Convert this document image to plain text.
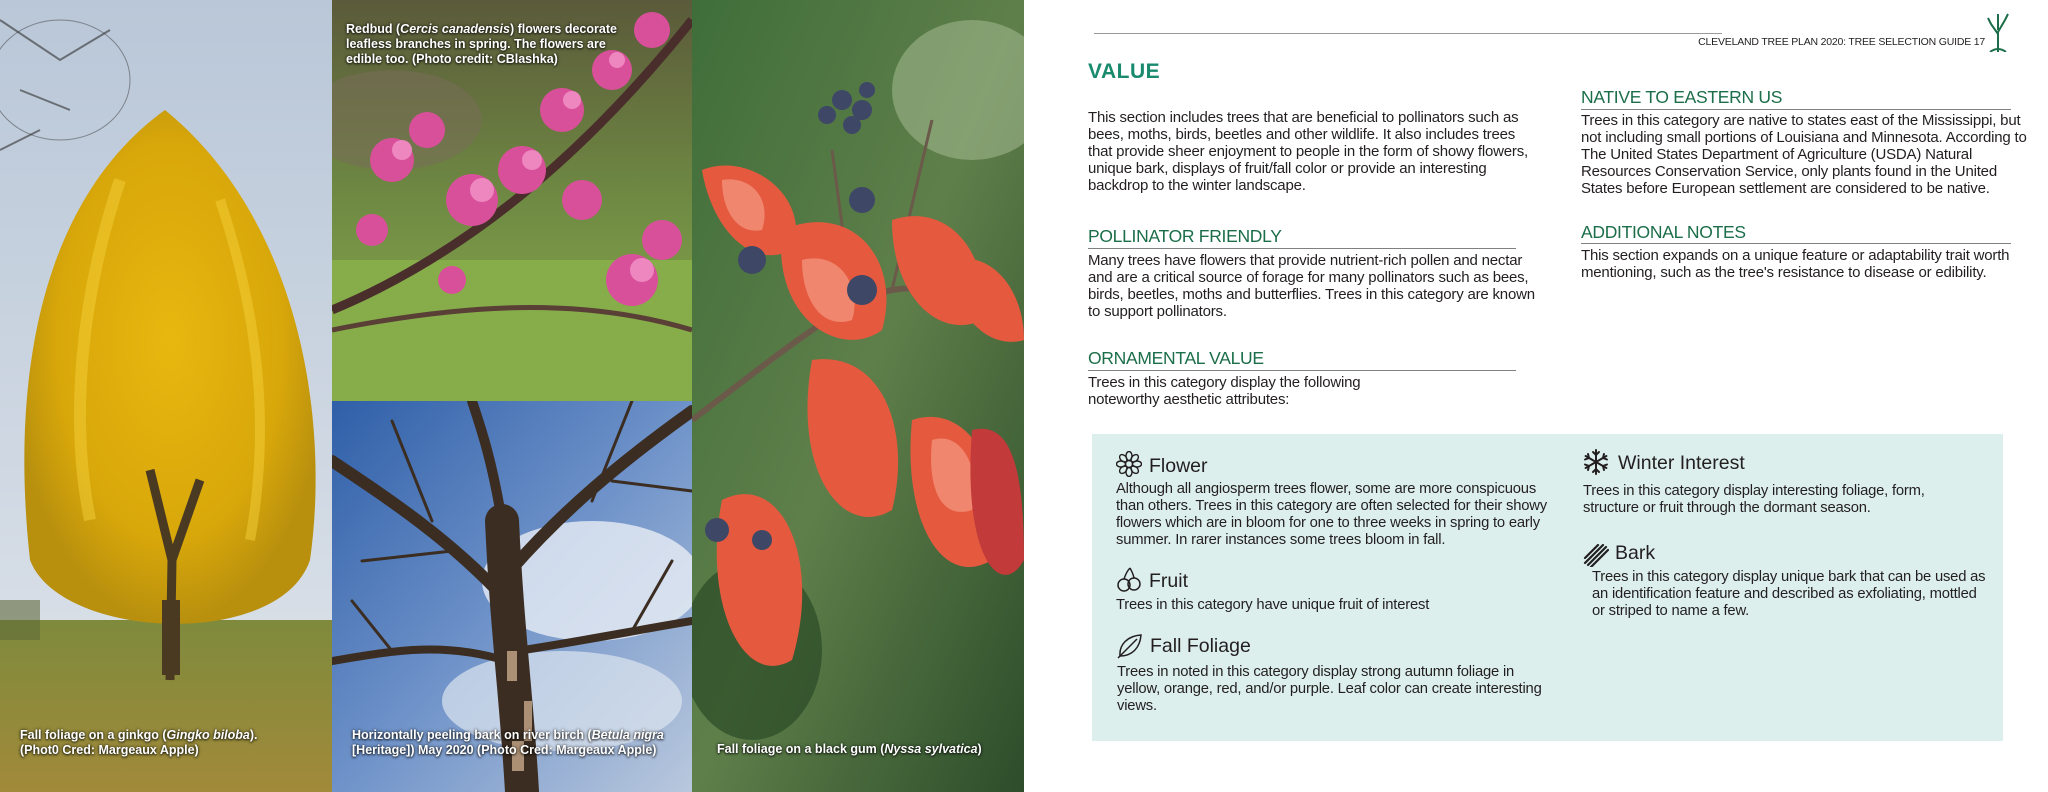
Fall foliage on a ginkgo (Gingko biloba).
(Phot0 Cred: Margeaux Apple)
Redbud (Cercis canadensis) flowers decorate leafless branches in spring. The flowers are edible too. (Photo credit: CBlashka)
Horizontally peeling bark on river birch (Betula nigra [Heritage]) May 2020 (Photo Cred: Margeaux Apple)	Fall foliage on a black gum (Nyssa sylvatica)
CLEVELAND TREE PLAN 2020: TREE SELECTION GUIDE 17
VALUE
This section includes trees that are beneficial to pollinators such as bees, moths, birds, beetles and other wildlife. It also includes trees that provide sheer enjoyment to people in the form of showy flowers, unique bark, displays of fruit/fall color or provide an interesting backdrop to the winter landscape.
POLLINATOR FRIENDLY
Many trees have flowers that provide nutrient-rich pollen and nectar and are a critical source of forage for many pollinators such as bees, birds, beetles, moths and butterflies. Trees in this category are known to support pollinators.
ORNAMENTAL VALUE
Trees in this category display the following noteworthy aesthetic attributes:
NATIVE TO EASTERN US
Trees in this category are native to states east of the Mississippi, but not including small portions of Louisiana and Minnesota. According to The United States Department of Agriculture (USDA) Natural Resources Conservation Service, only plants found in the United States before European settlement are considered to be native.
ADDITIONAL NOTES
This section expands on a unique feature or adaptability trait worth mentioning, such as the tree's resistance to disease or edibility.
Flower
Although all angiosperm trees flower, some are more conspicuous than others. Trees in this category are often selected for their showy flowers which are in bloom for one to three weeks in spring to early summer. In rarer instances some trees bloom in fall.
Fruit
Trees in this category have unique fruit of interest
Fall Foliage
Trees in noted in this category display strong autumn foliage in yellow, orange, red, and/or purple. Leaf color can create interesting views.
Winter Interest
Trees in this category display interesting foliage, form, structure or fruit through the dormant season.
Bark
Trees in this category display unique bark that can be used as an identification feature and described as exfoliating, mottled or striped to name a few.
